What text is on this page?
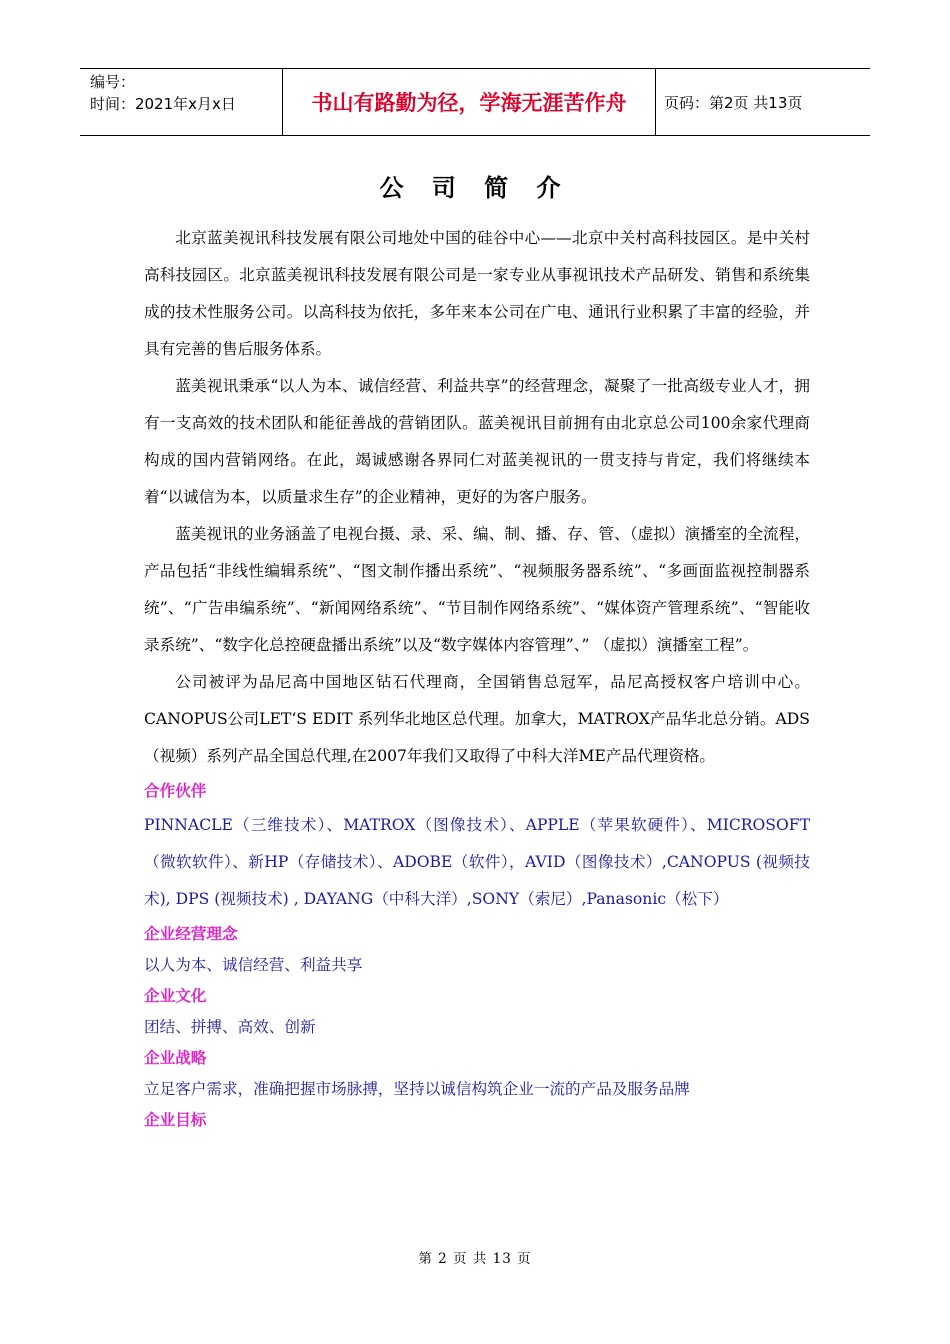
编号：
时间：2021年x月x日	书山有路勤为径，学海无涯苦作舟	页码：第2页 共13页
公 司 简 介

北京蓝美视讯科技发展有限公司地处中国的硅谷中心——北京中关村高科技园区。是中关村高科技园区。北京蓝美视讯科技发展有限公司是一家专业从事视讯技术产品研发、销售和系统集成的技术性服务公司。以高科技为依托，多年来本公司在广电、通讯行业积累了丰富的经验，并具有完善的售后服务体系。

蓝美视讯秉承“以人为本、诚信经营、利益共享”的经营理念，凝聚了一批高级专业人才，拥有一支高效的技术团队和能征善战的营销团队。蓝美视讯目前拥有由北京总公司100余家代理商构成的国内营销网络。在此，竭诚感谢各界同仁对蓝美视讯的一贯支持与肯定，我们将继续本着“以诚信为本，以质量求生存”的企业精神，更好的为客户服务。

蓝美视讯的业务涵盖了电视台摄、录、采、编、制、播、存、管、（虚拟）演播室的全流程，产品包括“非线性编辑系统”、“图文制作播出系统”、“视频服务器系统”、“多画面监视控制器系统”、“广告串编系统”、“新闻网络系统”、“节目制作网络系统”、“媒体资产管理系统”、“智能收录系统”、“数字化总控硬盘播出系统”以及“数字媒体内容管理”、” （虚拟）演播室工程”。

公司被评为品尼高中国地区钻石代理商，全国销售总冠军，品尼高授权客户培训中心。CANOPUS公司LET‘S EDIT 系列华北地区总代理。加拿大，MATROX产品华北总分销。ADS（视频）系列产品全国总代理,在2007年我们又取得了中科大洋ME产品代理资格。

合作伙伴

PINNACLE（三维技术）、MATROX（图像技术）、APPLE（苹果软硬件）、MICROSOFT（微软软件）、新HP（存储技术）、ADOBE（软件），AVID（图像技术）,CANOPUS (视频技术), DPS (视频技术) , DAYANG（中科大洋）,SONY（索尼）,Panasonic（松下）

企业经营理念

以人为本、诚信经营、利益共享

企业文化

团结、拼搏、高效、创新

企业战略

立足客户需求，准确把握市场脉搏，坚持以诚信构筑企业一流的产品及服务品牌

企业目标
第 2 页 共 13 页
